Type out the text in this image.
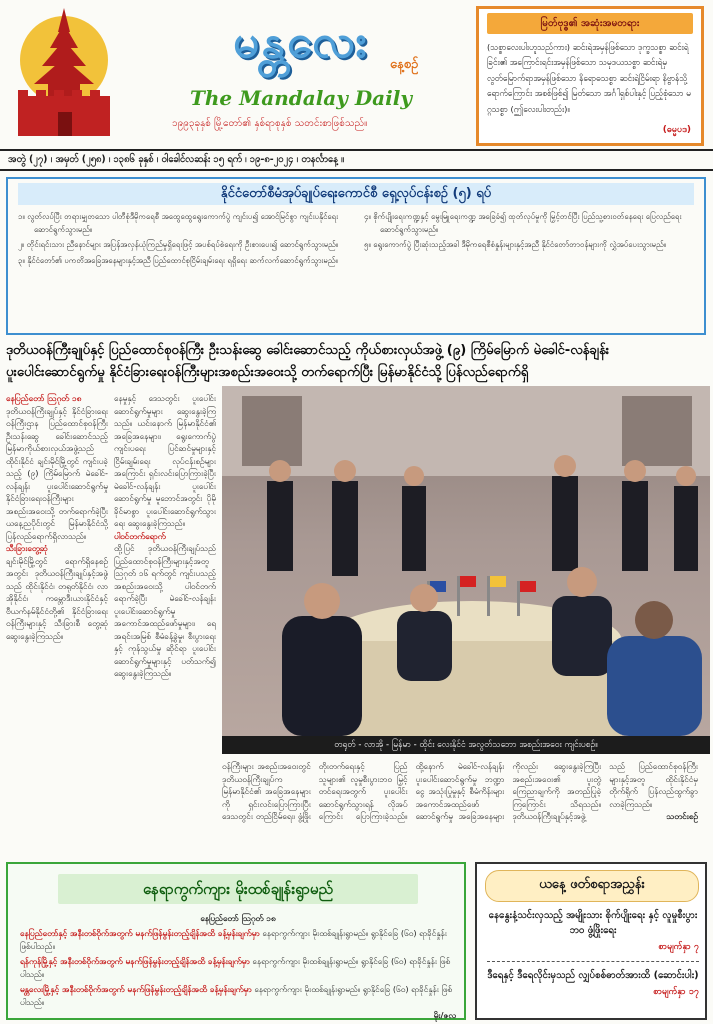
မန္တလေး	နေ့စဉ်
The Mandalay Daily
၁၉၉၃ခုနှစ် မြို့တော်၏ နှစ်ရာစုနှစ် သတင်းစာဖြစ်သည်။
မြတ်ဗုဒ္ဓ၏ အဆုံးအမတရား
(သစ္စာလေးပါးဟူသည်ကား) ဆင်းရဲအမှန်ဖြစ်သော ဒုက္ခသစ္စာ ဆင်းရဲခြင်း၏ အကြောင်းရင်းအမှန်ဖြစ်သော သမုဒယသစ္စာ ဆင်းရဲမှ လွတ်မြောက်ရာအမှန်ဖြစ်သော နိရောဓသစ္စာ ဆင်းရဲငြိမ်းရာ နိဗ္ဗာန်သို့ရောက်ကြောင်း အစစ်ဖြစ်၍ မြတ်သော အင်္ဂါရှစ်ပါးနှင့် ပြည့်စုံသော မဂ္ဂသစ္စာ (ဤလေးပါးတည်း)။
(ဓမ္မပဒ)
အတွဲ (၂၇) ၊ အမှတ် (၂၅၈) ၊ ၁၃၈၆ ခုနှစ် ၊ ဝါခေါင်လဆန်း ၁၅ ရက် ၊ ၁၉-၈-၂၀၂၄ ၊ တနင်္လာနေ့ ။
နိုင်ငံတော်စီမံအုပ်ချုပ်ရေးကောင်စီ ရှေ့လုပ်ငန်းစဉ် (၅) ရပ်

၁။ လွတ်လပ်ပြီး တရားမျှတသော ပါတီစုံဒီမိုကရေစီ အထွေထွေရွေးကောက်ပွဲ ကျင်းပ၍ အောင်မြင်စွာ ကျင်းပနိုင်ရေး ဆောင်ရွက်သွားမည်။

၂။ တိုင်းရင်းသား ညီနောင်များ အပြန်အလှန်ယုံကြည်မှုရှိရေးဖြင့် အပစ်ရပ်စဲရေးကို ဦးစားပေး၍ ဆောင်ရွက်သွားမည်။

၃။ နိုင်ငံတော်၏ ပကတိအခြေအနေများနှင့်အညီ ပြည်ထောင်စုငြိမ်းချမ်းရေး ရရှိရေး ဆက်လက်ဆောင်ရွက်သွားမည်။

၄။ စိုက်ပျိုးရေးကဏ္ဍနှင့် မွေးမြူရေးကဏ္ဍ အခြေခံ၍ ထုတ်လုပ်မှုကို မြှင့်တင်ပြီး ပြည်သူ့စားဝတ်နေရေး ပြေလည်ရေး ဆောင်ရွက်သွားမည်။

၅။ ရွေးကောက်ပွဲ ပြီးဆုံးသည့်အခါ ဒီမိုကရေစီစံနှုန်းများနှင့်အညီ နိုင်ငံတော်တာဝန်များကို လွှဲအပ်ပေးသွားမည်။

ဒုတိယဝန်ကြီးချုပ်နှင့် ပြည်ထောင်စုဝန်ကြီး ဦးသန်းဆွေ ခေါင်းဆောင်သည့် ကိုယ်စားလှယ်အဖွဲ့ (၉) ကြိမ်မြောက် မဲခေါင်-လန်ချန်း
ပူးပေါင်းဆောင်ရွက်မှု နိုင်ငံခြားရေးဝန်ကြီးများအစည်းအဝေးသို့ တက်ရောက်ပြီး မြန်မာနိုင်ငံသို့ ပြန်လည်ရောက်ရှိ
နေပြည်တော် ဩဂုတ် ၁၈
ဒုတိယဝန်ကြီးချုပ်နှင့် နိုင်ငံခြားရေးဝန်ကြီးဌာန ပြည်ထောင်စုဝန်ကြီး ဦးသန်းဆွေ ခေါင်းဆောင်သည့် မြန်မာကိုယ်စားလှယ်အဖွဲ့သည် ထိုင်းနိုင်ငံ ချင်းမိုင်မြို့တွင် ကျင်းပခဲ့သည့် (၉) ကြိမ်မြောက် မဲခေါင်-လန်ချန်း ပူးပေါင်းဆောင်ရွက်မှု နိုင်ငံခြားရေးဝန်ကြီးများ အစည်းအဝေးသို့ တက်ရောက်ခဲ့ပြီး ယနေ့ညပိုင်းတွင် မြန်မာနိုင်ငံသို့ ပြန်လည်ရောက်ရှိလာသည်။
သီးခြားတွေ့ဆုံ
ချင်းမိုင်မြို့တွင် ရောက်ရှိနေစဉ်အတွင်း ဒုတိယဝန်ကြီးချုပ်နှင့်အဖွဲ့သည် ထိုင်းနိုင်ငံ၊ တရုတ်နိုင်ငံ၊ လာအိုနိုင်ငံ၊ ကမ္ဘောဒီးယားနိုင်ငံနှင့် ဗီယက်နမ်နိုင်ငံတို့၏ နိုင်ငံခြားရေးဝန်ကြီးများနှင့် သီးခြားစီ တွေ့ဆုံဆွေးနွေးခဲ့ကြသည်။
နေမှုနှင့် ဒေသတွင်း ပူးပေါင်းဆောင်ရွက်မှုများ ဆွေးနွေးခဲ့ကြသည်။ ယင်းနောက် မြန်မာနိုင်ငံ၏ အခြေအနေများ၊ ရွေးကောက်ပွဲ ကျင်းပရေး ပြင်ဆင်မှုများနှင့် ငြိမ်းချမ်းရေး လုပ်ငန်းစဉ်များအကြောင်း ရှင်းလင်းပြောကြားခဲ့ပြီး မဲခေါင်-လန်ချန်း ပူးပေါင်းဆောင်ရွက်မှု မူဘောင်အတွင်း ပိုမိုခိုင်မာစွာ ပူးပေါင်းဆောင်ရွက်သွားရေး ဆွေးနွေးခဲ့ကြသည်။
ပါဝင်တက်ရောက်
ထို့ပြင် ဒုတိယဝန်ကြီးချုပ်သည် ပြည်ထောင်စုဝန်ကြီးများနှင့်အတူ ဩဂုတ် ၁၆ ရက်တွင် ကျင်းပသည့် အစည်းအဝေးသို့ ပါဝင်တက်ရောက်ခဲ့ပြီး မဲခေါင်-လန်ချန်း ပူးပေါင်းဆောင်ရွက်မှု အကောင်အထည်ဖော်မှုများ၊ ရေအရင်းအမြစ် စီမံခန့်ခွဲမှု၊ စီးပွားရေးနှင့် ကုန်သွယ်မှု ဆိုင်ရာ ပူးပေါင်းဆောင်ရွက်မှုများနှင့် ပတ်သက်၍ ဆွေးနွေးခဲ့ကြသည်။
တရုတ် - လာအို - မြန်မာ - ထိုင်း လေးနိုင်ငံ အလွတ်သဘော အစည်းအဝေး ကျင်းပစဉ်။
ဝန်ကြီးများ အစည်းအဝေးတွင် ဒုတိယဝန်ကြီးချုပ်က မြန်မာနိုင်ငံ၏ အခြေအနေများကို ရှင်းလင်းပြောကြားပြီး ဒေသတွင်း တည်ငြိမ်ရေး၊ ဖွံ့ဖြိုးတိုးတက်ရေးနှင့် ပြည်သူများ၏ လူမှုစီးပွားဘဝ မြှင့်တင်ရေးအတွက် ပူးပေါင်းဆောင်ရွက်သွားရန် လိုအပ်ကြောင်း ပြောကြားခဲ့သည်။ ထို့နောက် မဲခေါင်-လန်ချန်း ပူးပေါင်းဆောင်ရွက်မှု ဘဏ္ဍာငွေ အသုံးပြုမှုနှင့် စီမံကိန်းများ အကောင်အထည်ဖော်ဆောင်ရွက်မှု အခြေအနေများကိုလည်း ဆွေးနွေးခဲ့ကြပြီး အစည်းအဝေး၏ ပူးတွဲကြေညာချက်ကို အတည်ပြုခဲ့ကြကြောင်း သိရသည်။ ဒုတိယဝန်ကြီးချုပ်နှင့်အဖွဲ့သည် ပြည်ထောင်စုဝန်ကြီးများနှင့်အတူ ထိုင်းနိုင်ငံမှ တိုက်ရိုက် ပြန်လည်ထွက်ခွာလာခဲ့ကြသည်။
သတင်းစဉ်
နေရာကွက်ကျား မိုးထစ်ချုန်းရွာမည်
နေပြည်တော် ဩဂုတ် ၁၈
နေပြည်တော်နှင့် အနီးတစ်ဝိုက်အတွက် မနက်ဖြန်မွန်းတည့်ချိန်အထိ ခန့်မှန်းချက်မှာ နေရာကွက်ကျား မိုးထစ်ချုန်းရွာမည်။ ရွာနိုင်ခြေ (၆၀) ရာခိုင်နှုန်း ဖြစ်ပါသည်။
ရန်ကုန်မြို့နှင့် အနီးတစ်ဝိုက်အတွက် မနက်ဖြန်မွန်းတည့်ချိန်အထိ ခန့်မှန်းချက်မှာ နေရာကွက်ကျား မိုးထစ်ချုန်းရွာမည်။ ရွာနိုင်ခြေ (၆၀) ရာခိုင်နှုန်း ဖြစ်ပါသည်။
မန္တလေးမြို့နှင့် အနီးတစ်ဝိုက်အတွက် မနက်ဖြန်မွန်းတည့်ချိန်အထိ ခန့်မှန်းချက်မှာ နေရာကွက်ကျား မိုးထစ်ချုန်းရွာမည်။ ရွာနိုင်ခြေ (၆၀) ရာခိုင်နှုန်း ဖြစ်ပါသည်။
မိုး/ဇလ
ယနေ့ ဖတ်စရာအညွှန်း
နေနွေးနံ့သင်းလှသည့် အမျိုးသား စိုက်ပျိုးရေး နှင့် လူမှုစီးပွားဘဝ ဖွံ့ဖြိုးရေး
စာမျက်နှာ ၇
ဒီရေနှင့် ဒီရေလိုင်းမှသည် လျှပ်စစ်ဓာတ်အားထိ (ဆောင်းပါး)
စာမျက်နှာ ၁၇
